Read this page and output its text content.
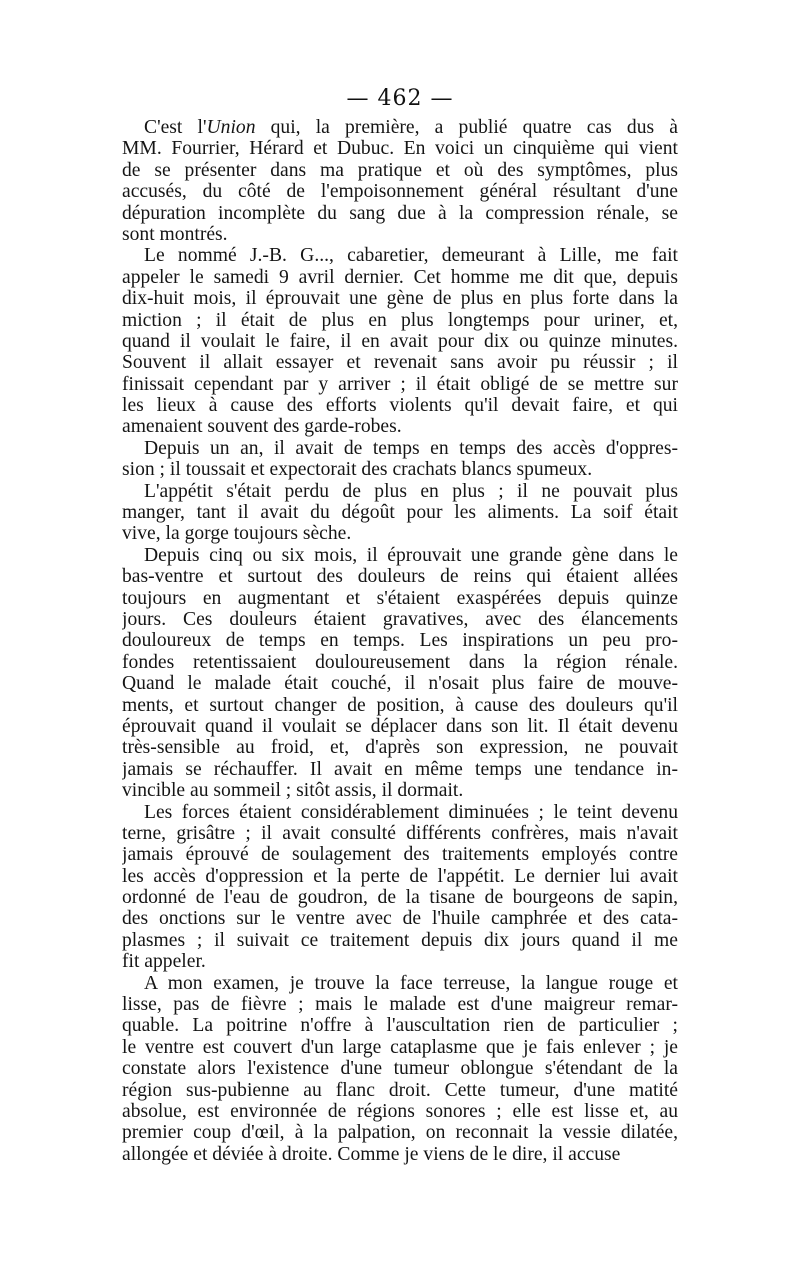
— 462 —
C'est l'Union qui, la première, a publié quatre cas dus à
MM. Fourrier, Hérard et Dubuc. En voici un cinquième qui vient
de se présenter dans ma pratique et où des symptômes, plus
accusés, du côté de l'empoisonnement général résultant d'une
dépuration incomplète du sang due à la compression rénale, se
sont montrés.
Le nommé J.-B. G..., cabaretier, demeurant à Lille, me fait
appeler le samedi 9 avril dernier. Cet homme me dit que, depuis
dix-huit mois, il éprouvait une gène de plus en plus forte dans la
miction ; il était de plus en plus longtemps pour uriner, et,
quand il voulait le faire, il en avait pour dix ou quinze minutes.
Souvent il allait essayer et revenait sans avoir pu réussir ; il
finissait cependant par y arriver ; il était obligé de se mettre sur
les lieux à cause des efforts violents qu'il devait faire, et qui
amenaient souvent des garde-robes.
Depuis un an, il avait de temps en temps des accès d'oppres-
sion ; il toussait et expectorait des crachats blancs spumeux.
L'appétit s'était perdu de plus en plus ; il ne pouvait plus
manger, tant il avait du dégoût pour les aliments. La soif était
vive, la gorge toujours sèche.
Depuis cinq ou six mois, il éprouvait une grande gène dans le
bas-ventre et surtout des douleurs de reins qui étaient allées
toujours en augmentant et s'étaient exaspérées depuis quinze
jours. Ces douleurs étaient gravatives, avec des élancements
douloureux de temps en temps. Les inspirations un peu pro-
fondes retentissaient douloureusement dans la région rénale.
Quand le malade était couché, il n'osait plus faire de mouve-
ments, et surtout changer de position, à cause des douleurs qu'il
éprouvait quand il voulait se déplacer dans son lit. Il était devenu
très-sensible au froid, et, d'après son expression, ne pouvait
jamais se réchauffer. Il avait en même temps une tendance in-
vincible au sommeil ; sitôt assis, il dormait.
Les forces étaient considérablement diminuées ; le teint devenu
terne, grisâtre ; il avait consulté différents confrères, mais n'avait
jamais éprouvé de soulagement des traitements employés contre
les accès d'oppression et la perte de l'appétit. Le dernier lui avait
ordonné de l'eau de goudron, de la tisane de bourgeons de sapin,
des onctions sur le ventre avec de l'huile camphrée et des cata-
plasmes ; il suivait ce traitement depuis dix jours quand il me
fit appeler.
A mon examen, je trouve la face terreuse, la langue rouge et
lisse, pas de fièvre ; mais le malade est d'une maigreur remar-
quable. La poitrine n'offre à l'auscultation rien de particulier ;
le ventre est couvert d'un large cataplasme que je fais enlever ; je
constate alors l'existence d'une tumeur oblongue s'étendant de la
région sus-pubienne au flanc droit. Cette tumeur, d'une matité
absolue, est environnée de régions sonores ; elle est lisse et, au
premier coup d'œil, à la palpation, on reconnait la vessie dilatée,
allongée et déviée à droite. Comme je viens de le dire, il accuse
